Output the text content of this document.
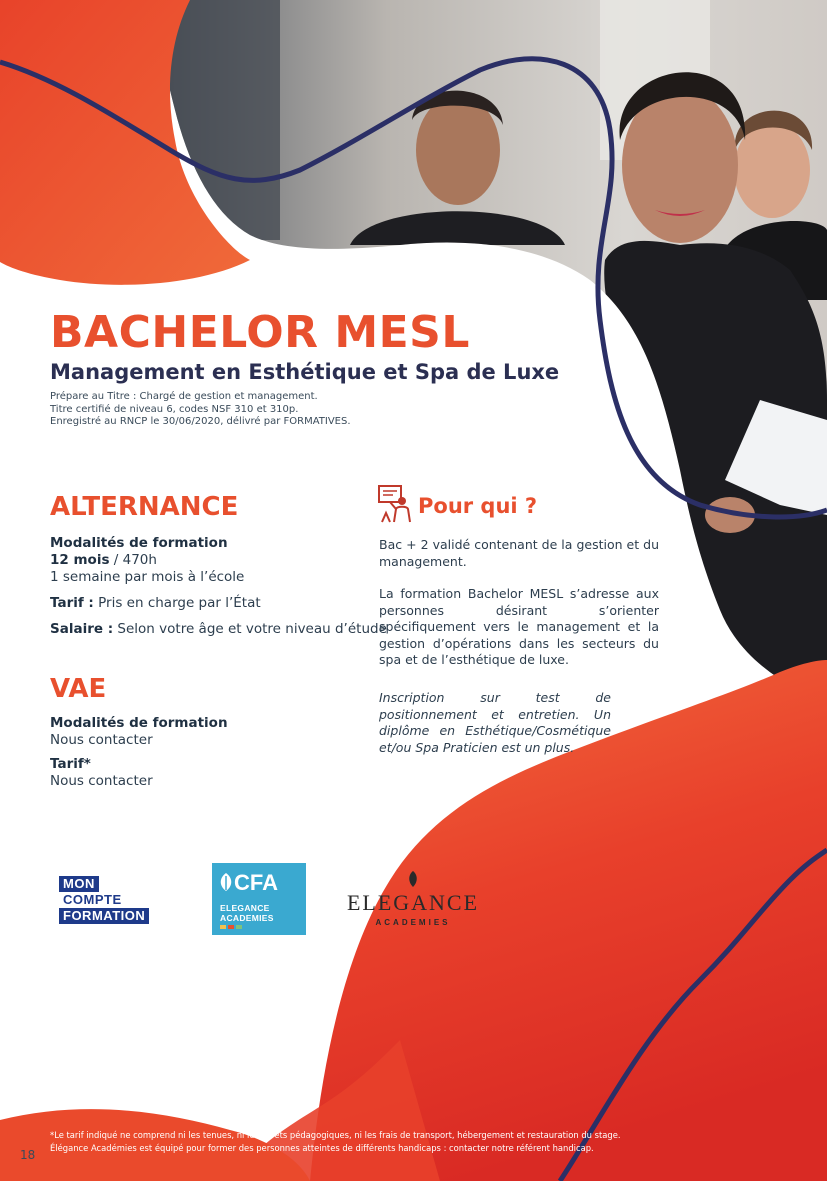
BACHELOR MESL
Management en Esthétique et Spa de Luxe
Prépare au Titre : Chargé de gestion et management.
Titre certifié de niveau 6, codes NSF 310 et 310p.
Enregistré au RNCP le 30/06/2020, délivré par FORMATIVES.
ALTERNANCE
Modalités de formation
12 mois / 470h
1 semaine par mois à l’école
Tarif : Pris en charge par l’État
Salaire : Selon votre âge et votre niveau d’étude
VAE
Modalités de formation
Nous contacter
Tarif*
Nous contacter
Pour qui ?
Bac + 2 validé contenant de la gestion et du management.
La formation Bachelor MESL s’adresse aux personnes désirant s’orienter spécifiquement vers le management et la gestion d’opérations dans les secteurs du spa et de l’esthétique de luxe.
Inscription sur test de positionnement et entretien. Un diplôme en Esthétique/Cosmétique et/ou Spa Praticien est un plus.
MON
COMPTE
FORMATION
CFA
ELEGANCE
ACADEMIES
ELEGANCE
ACADEMIES
*Le tarif indiqué ne comprend ni les tenues, ni les livrets pédagogiques, ni les frais de transport, hébergement et restauration du stage.
Élégance Académies est équipé pour former des personnes atteintes de différents handicaps : contacter notre référent handicap.
18
